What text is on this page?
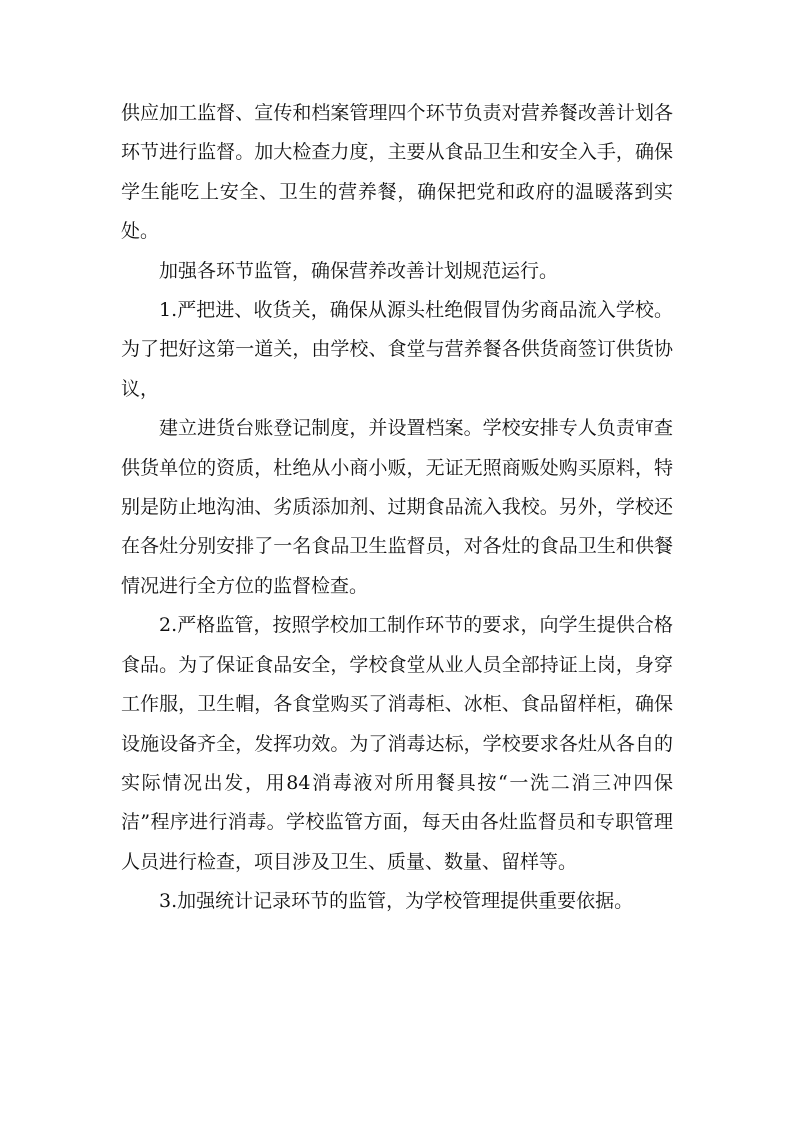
供应加工监督、宣传和档案管理四个环节负责对营养餐改善计划各环节进行监督。加大检查力度，主要从食品卫生和安全入手，确保学生能吃上安全、卫生的营养餐，确保把党和政府的温暖落到实处。

加强各环节监管，确保营养改善计划规范运行。

1.严把进、收货关，确保从源头杜绝假冒伪劣商品流入学校。为了把好这第一道关，由学校、食堂与营养餐各供货商签订供货协议，

建立进货台账登记制度，并设置档案。学校安排专人负责审查供货单位的资质，杜绝从小商小贩，无证无照商贩处购买原料，特别是防止地沟油、劣质添加剂、过期食品流入我校。另外，学校还在各灶分别安排了一名食品卫生监督员，对各灶的食品卫生和供餐情况进行全方位的监督检查。

2.严格监管，按照学校加工制作环节的要求，向学生提供合格食品。为了保证食品安全，学校食堂从业人员全部持证上岗，身穿工作服，卫生帽，各食堂购买了消毒柜、冰柜、食品留样柜，确保设施设备齐全，发挥功效。为了消毒达标，学校要求各灶从各自的实际情况出发，用84消毒液对所用餐具按“一洗二消三冲四保洁”程序进行消毒。学校监管方面，每天由各灶监督员和专职管理人员进行检查，项目涉及卫生、质量、数量、留样等。

3.加强统计记录环节的监管，为学校管理提供重要依据。
